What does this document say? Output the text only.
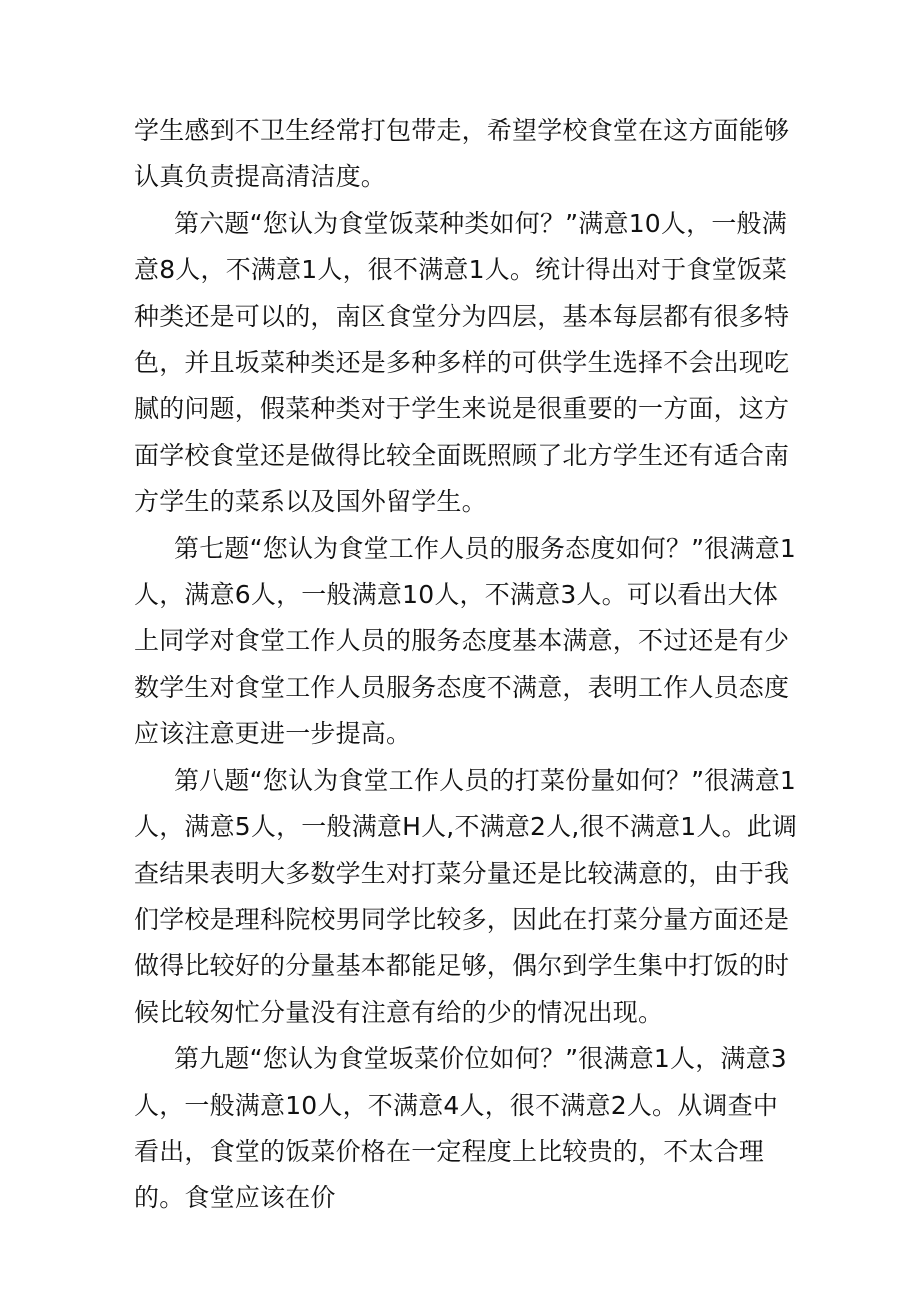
学生感到不卫生经常打包带走，希望学校食堂在这方面能够认真负责提高清洁度。

第六题“您认为食堂饭菜种类如何？”满意10人，一般满意8人，不满意1人，很不满意1人。统计得出对于食堂饭菜种类还是可以的，南区食堂分为四层，基本每层都有很多特色，并且坂菜种类还是多种多样的可供学生选择不会出现吃腻的问题，假菜种类对于学生来说是很重要的一方面，这方面学校食堂还是做得比较全面既照顾了北方学生还有适合南方学生的菜系以及国外留学生。

第七题“您认为食堂工作人员的服务态度如何？”很满意1人，满意6人，一般满意10人，不满意3人。可以看出大体上同学对食堂工作人员的服务态度基本满意，不过还是有少数学生对食堂工作人员服务态度不满意，表明工作人员态度应该注意更进一步提高。

第八题“您认为食堂工作人员的打菜份量如何？”很满意1人，满意5人，一般满意H人,不满意2人,很不满意1人。此调查结果表明大多数学生对打菜分量还是比较满意的，由于我们学校是理科院校男同学比较多，因此在打菜分量方面还是做得比较好的分量基本都能足够，偶尔到学生集中打饭的时候比较匆忙分量没有注意有给的少的情况出现。

第九题“您认为食堂坂菜价位如何？”很满意1人，满意3人，一般满意10人，不满意4人，很不满意2人。从调查中看出，食堂的饭菜价格在一定程度上比较贵的，不太合理的。食堂应该在价
